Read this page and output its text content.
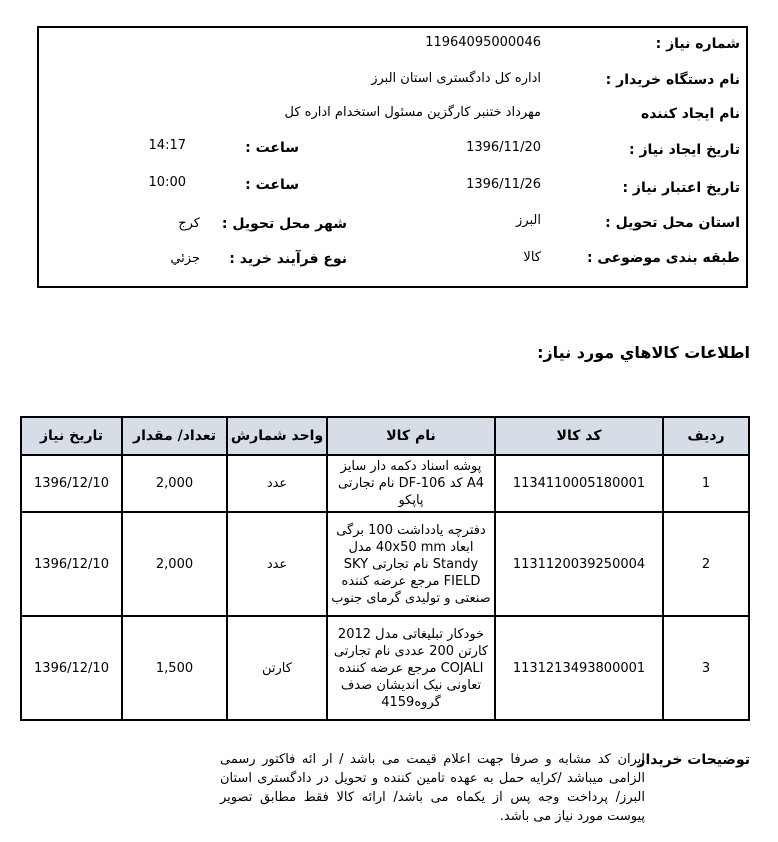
شماره نیاز :
11964095000046
نام دستگاه خریدار :
اداره کل دادگستری استان البرز
نام ایجاد کننده
مهرداد ختنبر کارگزین مسئول استخدام اداره کل
تاریخ ایجاد نیاز :
1396/11/20
ساعت :
14:17
تاریخ اعتبار نیاز :
1396/11/26
ساعت :
10:00
استان محل تحویل :
البرز
شهر محل تحویل :
کرج
طبقه بندی موضوعی :
کالا
نوع فرآیند خرید :
جزئي
اطلاعات کالاهاي مورد نیاز:
رديف	کد کالا	نام کالا	واحد شمارش	تعداد/ مقدار	تاریخ نیاز
1	1134110005180001	پوشه اسناد دکمه دار سایز A4 کد DF-106 نام تجارتی پاپکو	عدد	2,000	1396/12/10
2	1131120039250004	دفترچه یادداشت 100 برگی ابعاد 40x50 mm مدل Standy نام تجارتی SKY FIELD مرجع عرضه کننده صنعتی و تولیدی گرمای جنوب	عدد	2,000	1396/12/10
3	1131213493800001	خودکار تبلیغاتی مدل 2012 کارتن 200 عددی نام تجارتی COJALI مرجع عرضه کننده تعاونی نیک اندیشان صدف گروه4159	کارتن	1,500	1396/12/10
توضیحات خریدار
ایران کد مشابه و صرفا جهت اعلام قیمت می باشد / ار ائه فاکتور رسمی الزامی میباشد /کرایه حمل به عهده تامین کننده و تحویل در دادگستری استان البرز/ پرداخت وجه پس از یکماه می باشد/ ارائه کالا فقط مطابق تصویر پیوست مورد نیاز می باشد.
